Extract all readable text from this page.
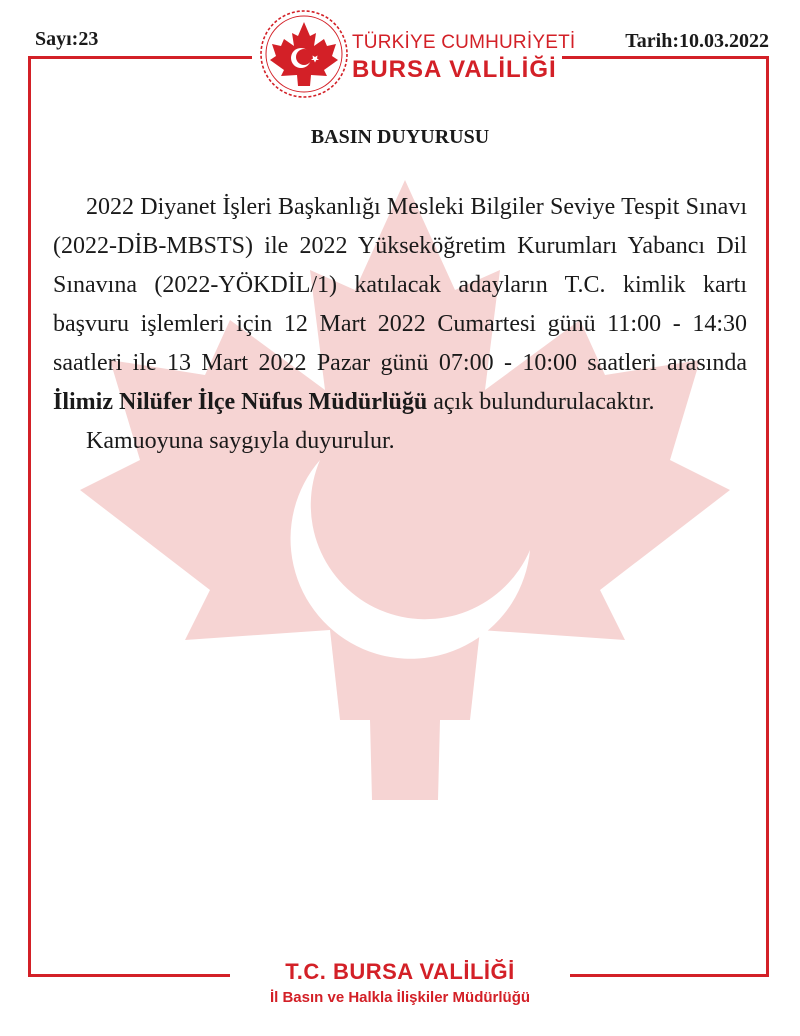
Sayı:23	Tarih:10.03.2022
TÜRKİYE CUMHURİYETİ
BURSA VALİLİĞİ
BASIN DUYURUSU

2022 Diyanet İşleri Başkanlığı Mesleki Bilgiler Seviye Tespit Sınavı (2022-DİB-MBSTS) ile 2022 Yükseköğretim Kurumları Yabancı Dil Sınavına (2022-YÖKDİL/1) katılacak adayların T.C. kimlik kartı başvuru işlemleri için 12 Mart 2022 Cumartesi günü 11:00 - 14:30 saatleri ile 13 Mart 2022 Pazar günü 07:00 - 10:00 saatleri arasında İlimiz Nilüfer İlçe Nüfus Müdürlüğü açık bulundurulacaktır.

Kamuoyuna saygıyla duyurulur.

T.C. BURSA VALİLİĞİ
İl Basın ve Halkla İlişkiler Müdürlüğü
